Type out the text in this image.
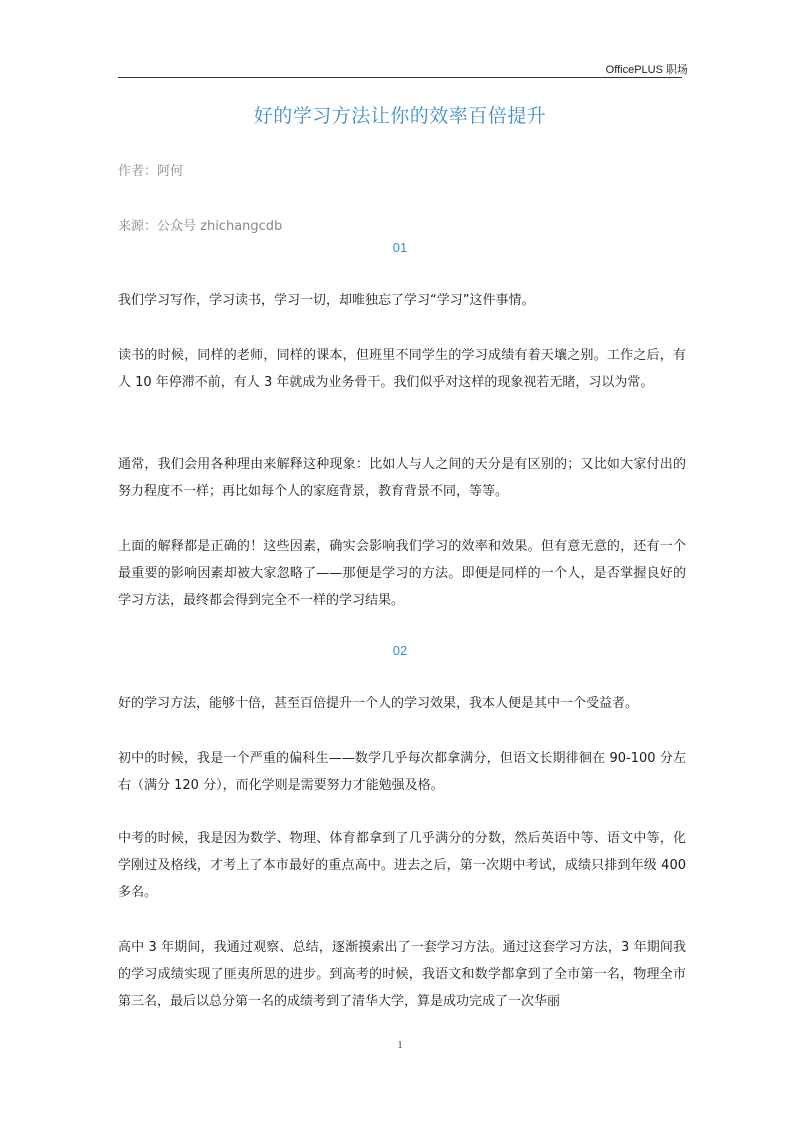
OfficePLUS 职场
好的学习方法让你的效率百倍提升
作者：阿何
来源：公众号 zhichangcdb
01

我们学习写作，学习读书，学习一切，却唯独忘了学习“学习”这件事情。

读书的时候，同样的老师，同样的课本，但班里不同学生的学习成绩有着天壤之别。工作之后，有人 10 年停滞不前，有人 3 年就成为业务骨干。我们似乎对这样的现象视若无睹，习以为常。

通常，我们会用各种理由来解释这种现象：比如人与人之间的天分是有区别的；又比如大家付出的努力程度不一样；再比如每个人的家庭背景，教育背景不同，等等。

上面的解释都是正确的！这些因素，确实会影响我们学习的效率和效果。但有意无意的，还有一个最重要的影响因素却被大家忽略了——那便是学习的方法。即便是同样的一个人，是否掌握良好的学习方法，最终都会得到完全不一样的学习结果。

02

好的学习方法，能够十倍，甚至百倍提升一个人的学习效果，我本人便是其中一个受益者。

初中的时候，我是一个严重的偏科生——数学几乎每次都拿满分，但语文长期徘徊在 90-100 分左右（满分 120 分），而化学则是需要努力才能勉强及格。

中考的时候，我是因为数学、物理、体育都拿到了几乎满分的分数，然后英语中等、语文中等，化学刚过及格线，才考上了本市最好的重点高中。进去之后，第一次期中考试，成绩只排到年级 400 多名。

高中 3 年期间，我通过观察、总结，逐渐摸索出了一套学习方法。通过这套学习方法，3 年期间我的学习成绩实现了匪夷所思的进步。到高考的时候，我语文和数学都拿到了全市第一名，物理全市第三名，最后以总分第一名的成绩考到了清华大学，算是成功完成了一次华丽

1
